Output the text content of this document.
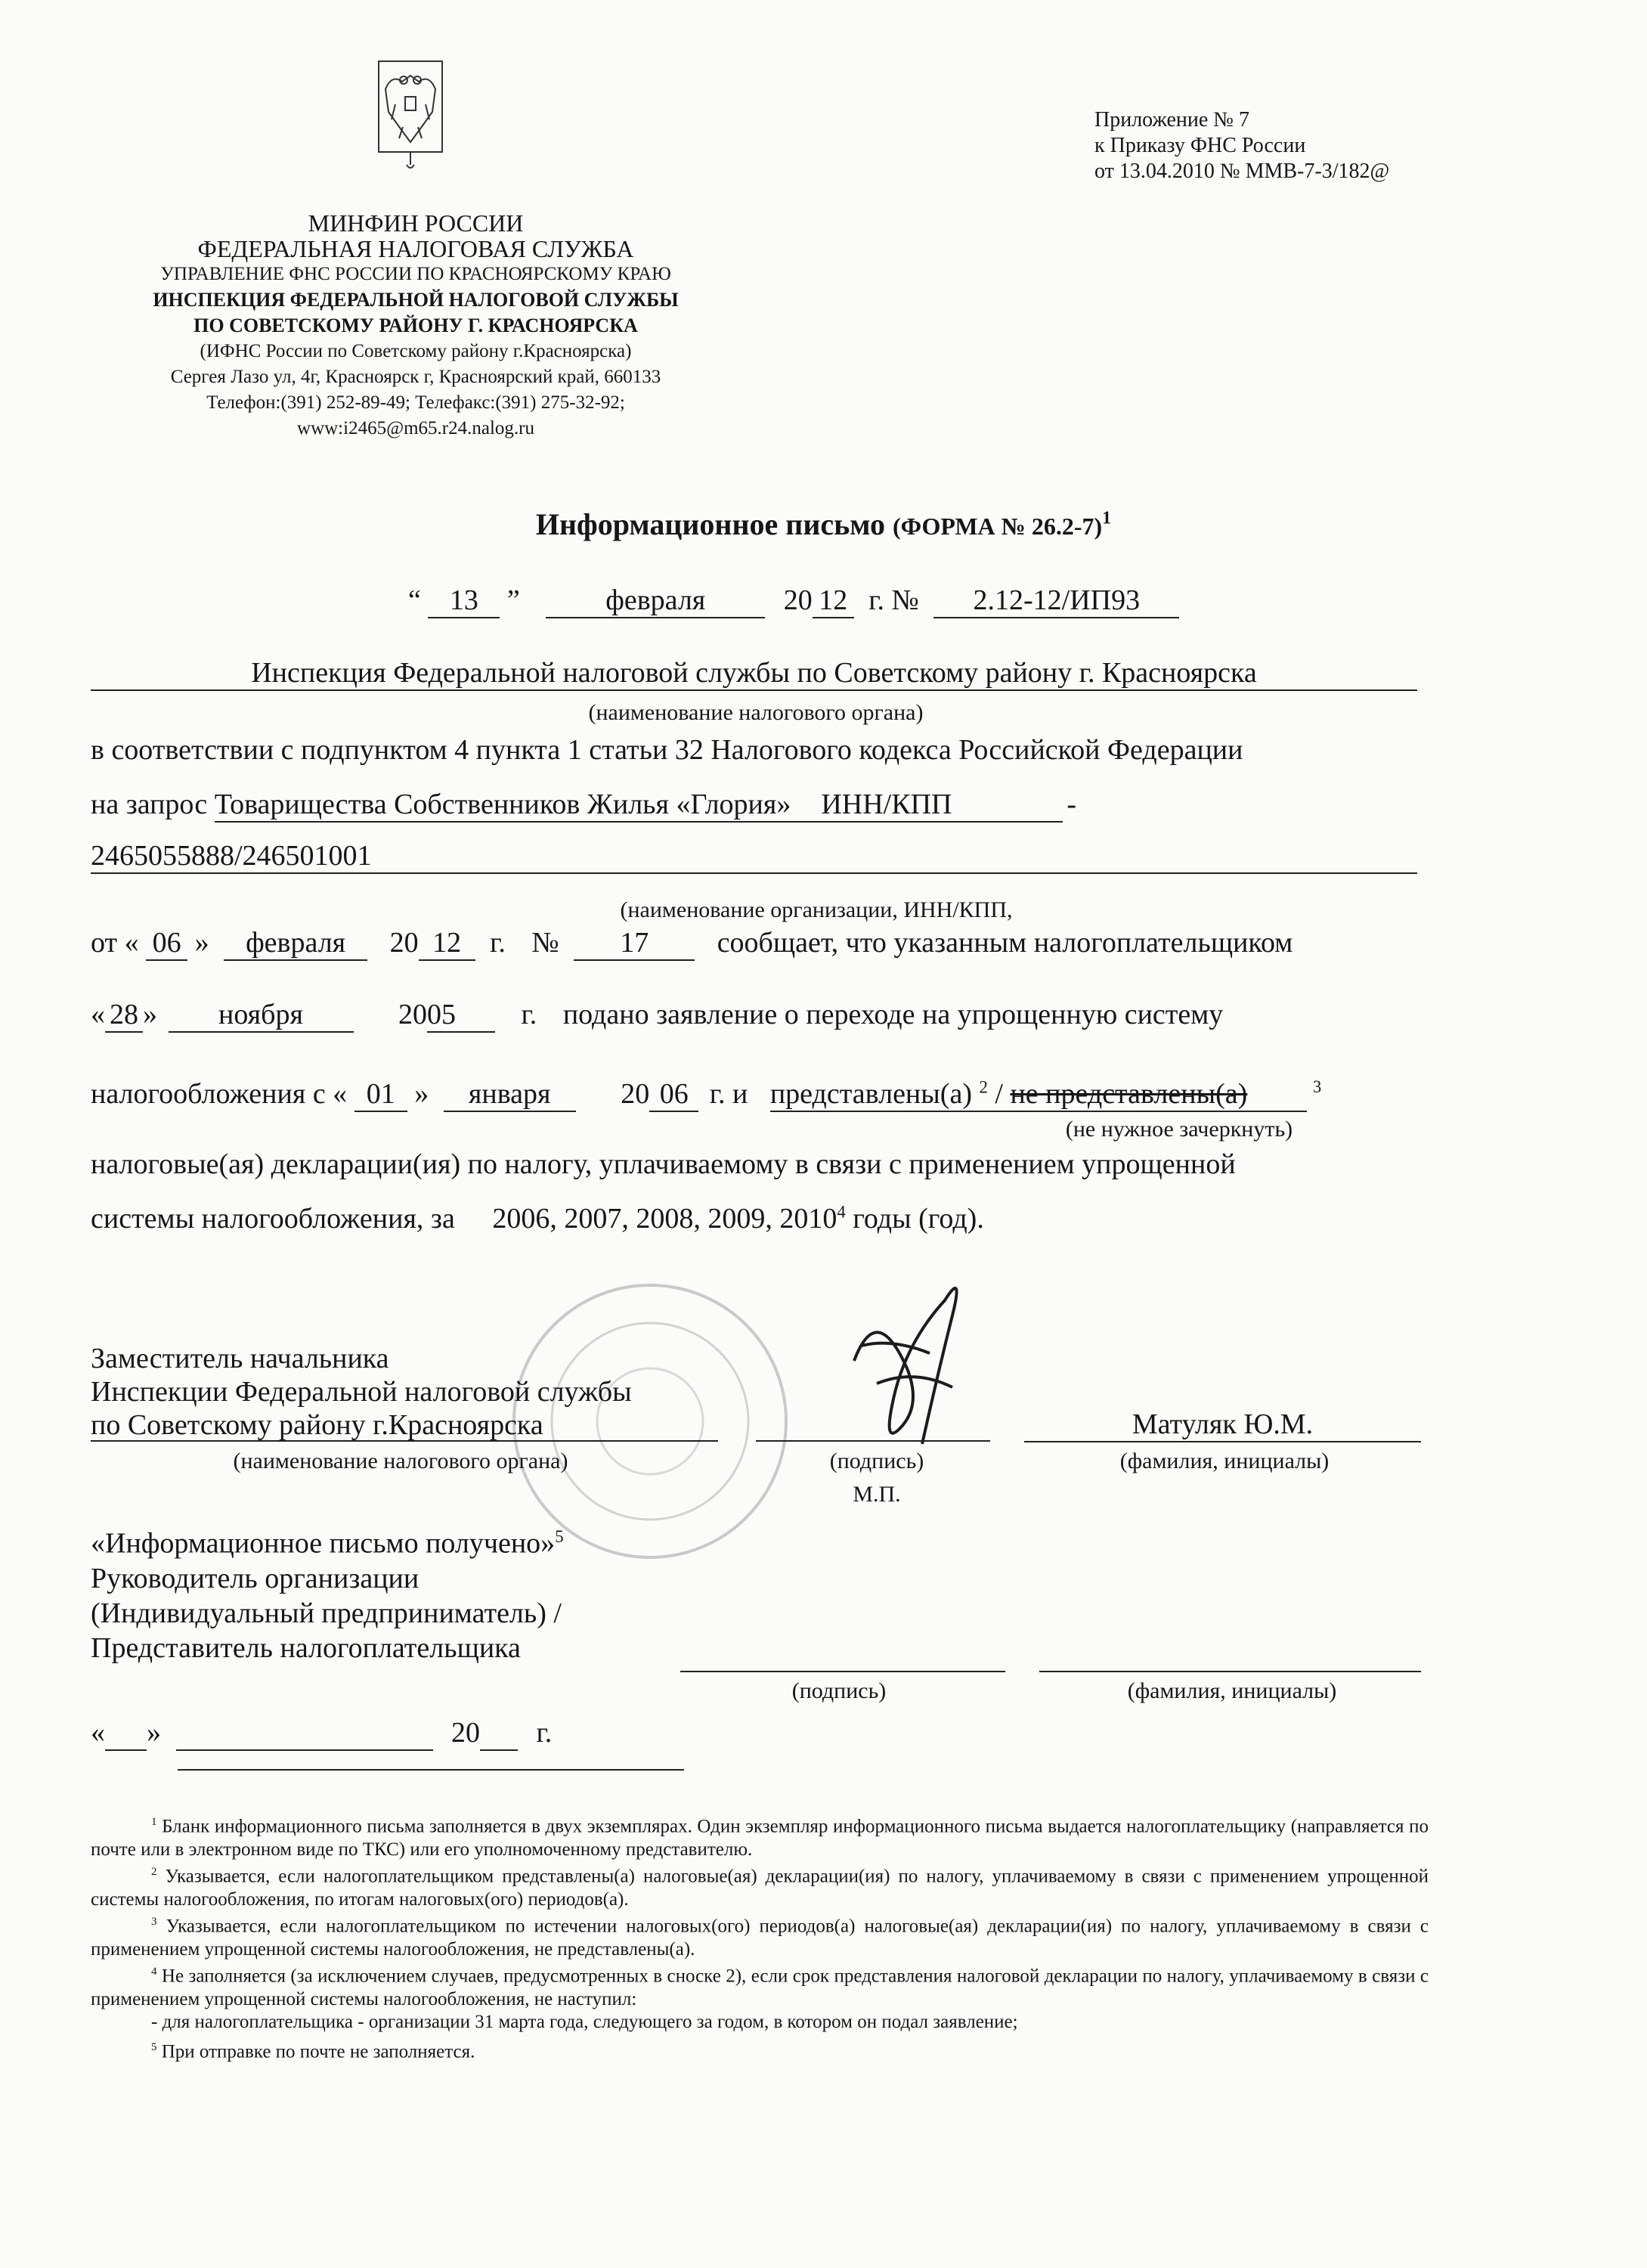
Приложение № 7
к Приказу ФНС России
от 13.04.2010 № ММВ-7-3/182@
МИНФИН РОССИИ
ФЕДЕРАЛЬНАЯ НАЛОГОВАЯ СЛУЖБА
УПРАВЛЕНИЕ ФНС РОССИИ ПО КРАСНОЯРСКОМУ КРАЮ
ИНСПЕКЦИЯ ФЕДЕРАЛЬНОЙ НАЛОГОВОЙ СЛУЖБЫ
ПО СОВЕТСКОМУ РАЙОНУ Г. КРАСНОЯРСКА
(ИФНС России по Советскому району г.Красноярска)
Сергея Лазо ул, 4г, Красноярск г, Красноярский край, 660133
Телефон:(391) 252-89-49; Телефакс:(391) 275-32-92;
www:i2465@m65.r24.nalog.ru
Информационное письмо (ФОРМА № 26.2-7)$^1$
“ 13 ”	февраля	20 12 г. № 2.12-12/ИП93
Инспекция Федеральной налоговой службы по Советскому району г. Красноярска
(наименование налогового органа)
в соответствии с подпунктом 4 пункта 1 статьи 32 Налогового кодекса Российской Федерации
на запрос Товарищества Собственников Жилья «Глория» ИНН/КПП	-
2465055888/246501001
(наименование организации, ИНН/КПП,
от « 06 » февраля 20 12 г. № 17 сообщает, что указанным налогоплательщиком
« 28 » ноября	2005 г. подано заявление о переходе на упрощенную систему
налогообложения с « 01 » января 20 06 г. и представлены(а) $^2$ / не представлены(а)	$^3$
(не нужное зачеркнуть)
налоговые(ая) декларации(ия) по налогу, уплачиваемому в связи с применением упрощенной
системы налогообложения, за 2006, 2007, 2008, 2009, 2010$^4$ годы (год).
Заместитель начальника
Инспекции Федеральной налоговой службы
по Советскому району г.Красноярска	Матуляк Ю.М.
(наименование налогового органа)	(подпись)	(фамилия, инициалы)
М.П.
«Информационное письмо получено»$^5$
Руководитель организации
(Индивидуальный предприниматель) /
Представитель налогоплательщика
(подпись)	(фамилия, инициалы)
« »	20 г.
$^1$ Бланк информационного письма заполняется в двух экземплярах. Один экземпляр информационного письма выдается налогоплательщику (направляется по почте или в электронном виде по ТКС) или его уполномоченному представителю.
$^2$ Указывается, если налогоплательщиком представлены(а) налоговые(ая) декларации(ия) по налогу, уплачиваемому в связи с применением упрощенной системы налогообложения, по итогам налоговых(ого) периодов(а).
$^3$ Указывается, если налогоплательщиком по истечении налоговых(ого) периодов(а) налоговые(ая) декларации(ия) по налогу, уплачиваемому в связи с применением упрощенной системы налогообложения, не представлены(а).
$^4$ Не заполняется (за исключением случаев, предусмотренных в сноске 2), если срок представления налоговой декларации по налогу, уплачиваемому в связи с применением упрощенной системы налогообложения, не наступил:
- для налогоплательщика - организации 31 марта года, следующего за годом, в котором он подал заявление;
$^5$ При отправке по почте не заполняется.
